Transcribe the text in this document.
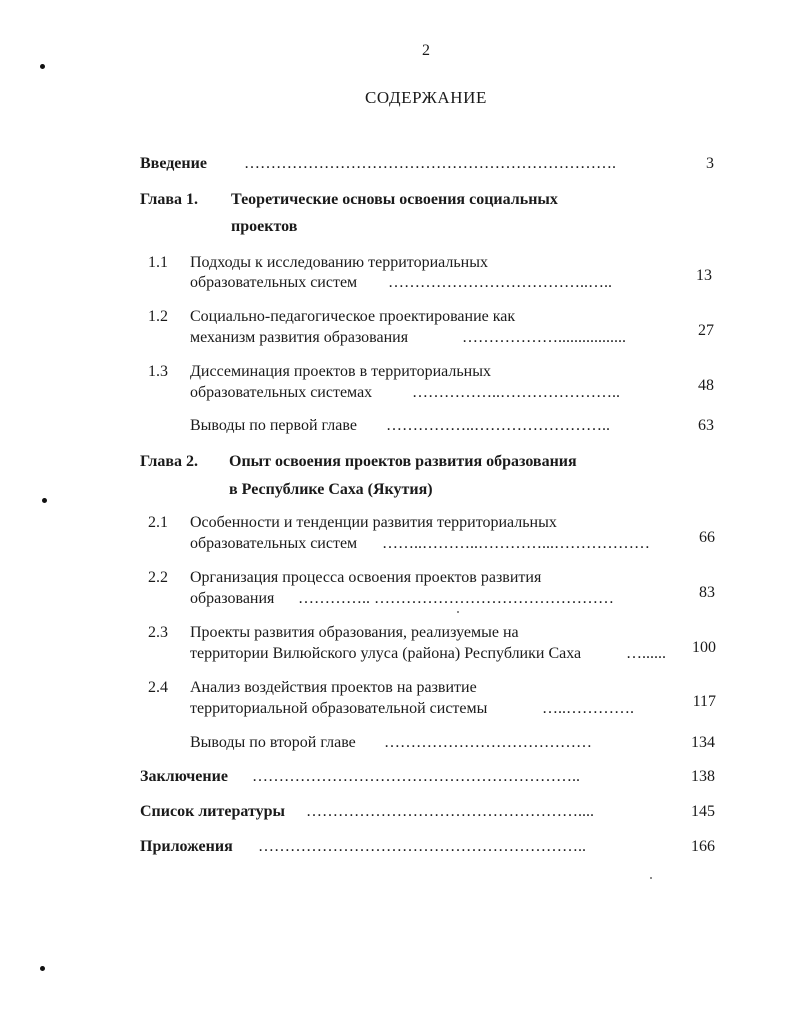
2
СОДЕРЖАНИЕ
Введение …………………………………………………………….	3
Глава 1. Теоретические основы освоения социальных
проектов
1.1 Подходы к исследованию территориальных
образовательных систем ………………………………..…..	13
1.2 Социально-педагогическое проектирование как
механизм развития образования	……………….................	27
1.3 Диссеминация проектов в территориальных
образовательных системах ……………..…………………..	48
Выводы по первой главе ……………..……………………..	63
Глава 2. Опыт освоения проектов развития образования
в Республике Саха (Якутия)
2.1 Особенности и тенденции развития территориальных
образовательных систем ……..………..…………...………………	66
2.2 Организация процесса освоения проектов развития
образования ………….. ………………………………………	83
2.3 Проекты развития образования, реализуемые на
территории Вилюйского улуса (района) Республики Саха	…......	100
2.4 Анализ воздействия проектов на развитие
территориальной образовательной системы	…..………….	117
Выводы по второй главе …………………………………	134
Заключение ……………………………………………………..	138
Список литературы ……………………………………………....	145
Приложения ……………………………………………………..	166
